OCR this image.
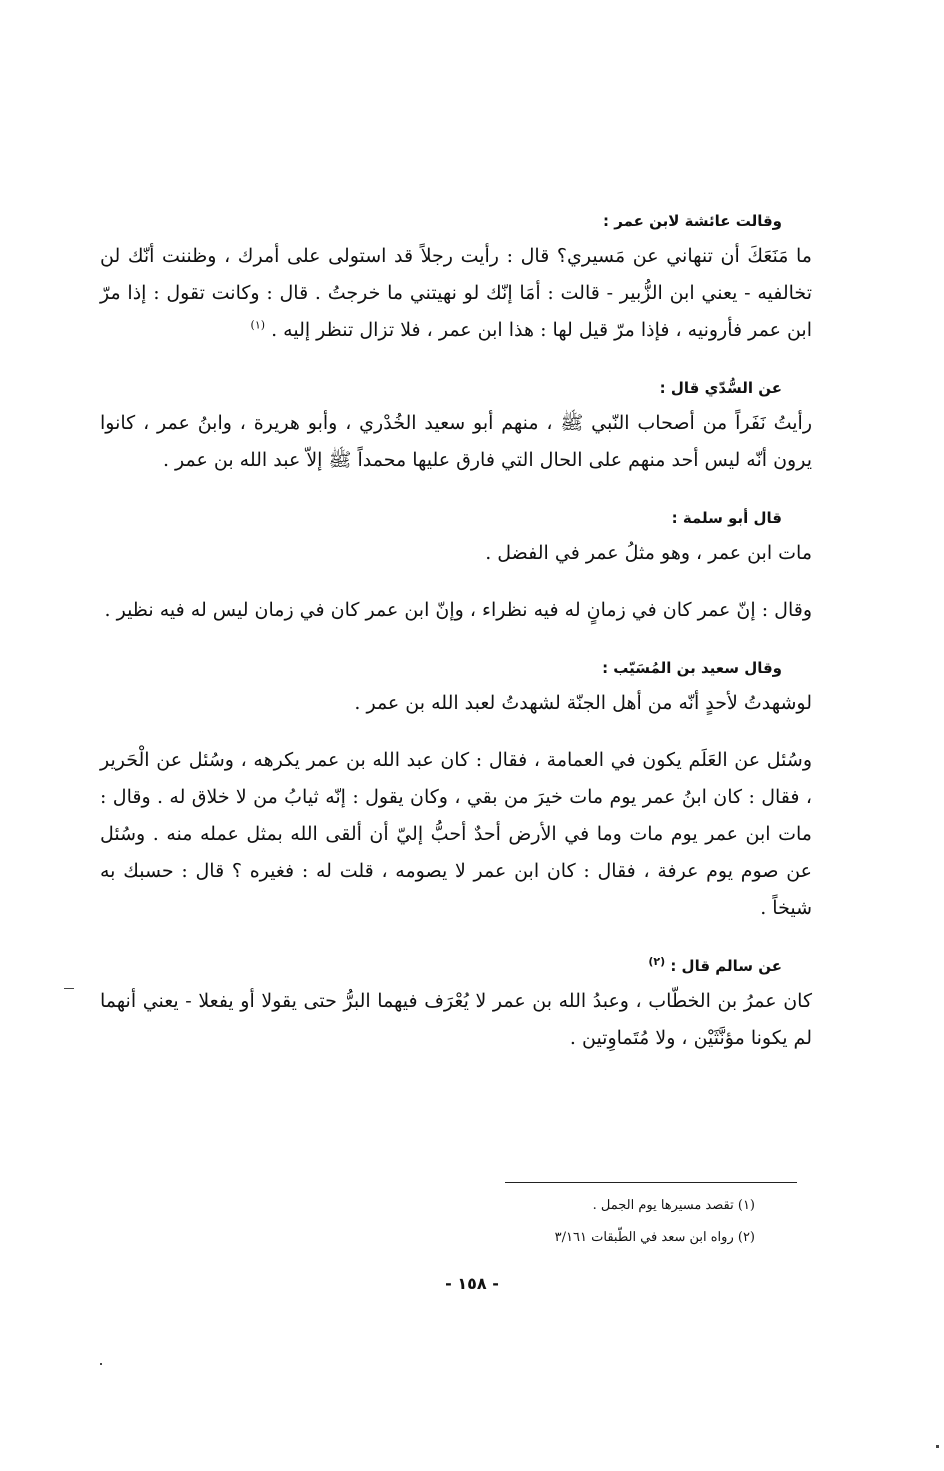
وقالت عائشة لابن عمر :

ما مَنَعَكَ أن تنهاني عن مَسيري؟ قال : رأيت رجلاً قد استولى على أمرك ، وظننت أنّك لن تخالفيه - يعني ابن الزُّبير - قالت : أمَا إنّك لو نهيتني ما خرجتُ . قال : وكانت تقول : إذا مرّ ابن عمر فأرونيه ، فإذا مرّ قيل لها : هذا ابن عمر ، فلا تزال تنظر إليه . $^{(١)}$

عن السُّدّي قال :

رأيتُ نَفَراً من أصحاب النّبي ﷺ ، منهم أبو سعيد الخُدْري ، وأبو هريرة ، وابنُ عمر ، كانوا يرون أنّه ليس أحد منهم على الحال التي فارق عليها محمداً ﷺ إلاّ عبد الله بن عمر .

قال أبو سلمة :

مات ابن عمر ، وهو مثلُ عمر في الفضل .

وقال : إنّ عمر كان في زمانٍ له فيه نظراء ، وإنّ ابن عمر كان في زمان ليس له فيه نظير .

وقال سعيد بن المُسَيّب :

لوشهدتُ لأحدٍ أنّه من أهل الجنّة لشهدتُ لعبد الله بن عمر .

وسُئل عن العَلَم يكون في العمامة ، فقال : كان عبد الله بن عمر يكرهه ، وسُئل عن الْحَرير ، فقال : كان ابنُ عمر يوم مات خيرَ من بقي ، وكان يقول : إنّه ثيابُ من لا خلاق له . وقال : مات ابن عمر يوم مات وما في الأرض أحدٌ أحبُّ إليّ أن ألقى الله بمثل عمله منه . وسُئل عن صوم يوم عرفة ، فقال : كان ابن عمر لا يصومه ، قلت له : فغيره ؟ قال : حسبك به شيخاً .

عن سالم قال : $^{(٢)}$

كان عمرُ بن الخطّاب ، وعبدُ الله بن عمر لا يُعْرَف فيهما البرُّ حتى يقولا أو يفعلا - يعني أنهما لم يكونا مؤنَّثَيْن ، ولا مُتَماوِتين .

(١) تقصد مسيرها يوم الجمل .
(٢) رواه ابن سعد في الطّبقات ٣/١٦١
- ١٥٨ -
